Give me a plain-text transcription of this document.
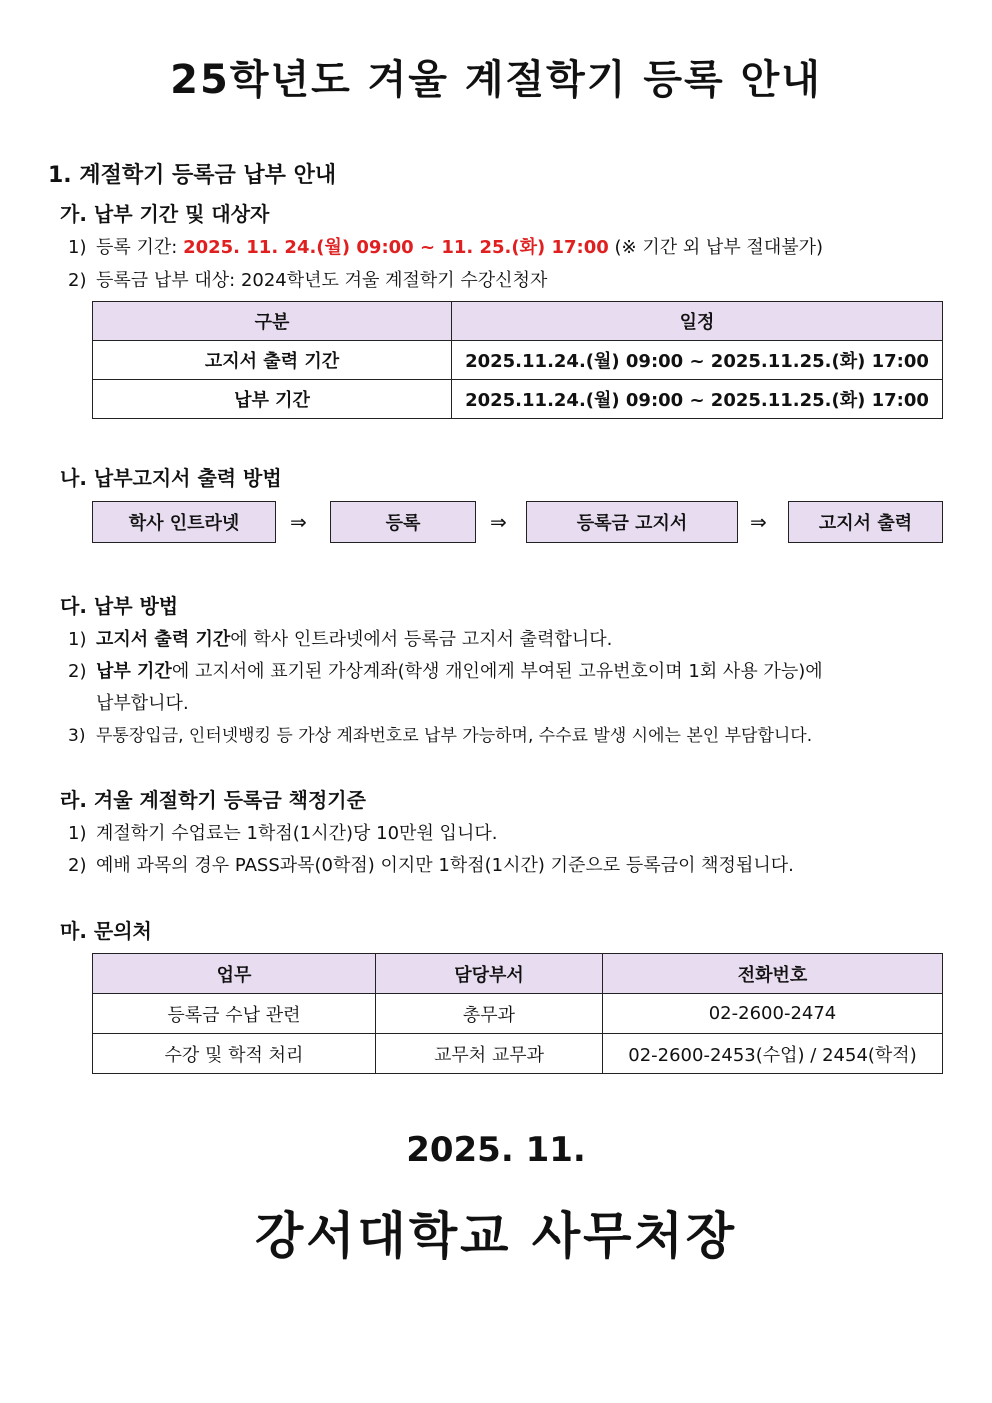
25학년도 겨울 계절학기 등록 안내
1. 계절학기 등록금 납부 안내
가. 납부 기간 및 대상자
1) 등록 기간: 2025. 11. 24.(월) 09:00 ~ 11. 25.(화) 17:00 (※ 기간 외 납부 절대불가)
2) 등록금 납부 대상: 2024학년도 겨울 계절학기 수강신청자
구분	일정
고지서 출력 기간	2025.11.24.(월) 09:00 ~ 2025.11.25.(화) 17:00
납부 기간	2025.11.24.(월) 09:00 ~ 2025.11.25.(화) 17:00
나. 납부고지서 출력 방법
학사 인트라넷	⇒	등록	⇒	등록금 고지서	⇒	고지서 출력
다. 납부 방법
1) 고지서 출력 기간에 학사 인트라넷에서 등록금 고지서 출력합니다.
2) 납부 기간에 고지서에 표기된 가상계좌(학생 개인에게 부여된 고유번호이며 1회 사용 가능)에
납부합니다.
3) 무통장입금, 인터넷뱅킹 등 가상 계좌번호로 납부 가능하며, 수수료 발생 시에는 본인 부담합니다.
라. 겨울 계절학기 등록금 책정기준
1) 계절학기 수업료는 1학점(1시간)당 10만원 입니다.
2) 예배 과목의 경우 PASS과목(0학점) 이지만 1학점(1시간) 기준으로 등록금이 책정됩니다.
마. 문의처
업무	담당부서	전화번호
등록금 수납 관련	총무과	02-2600-2474
수강 및 학적 처리	교무처 교무과	02-2600-2453(수업) / 2454(학적)
2025. 11.
강서대학교 사무처장
